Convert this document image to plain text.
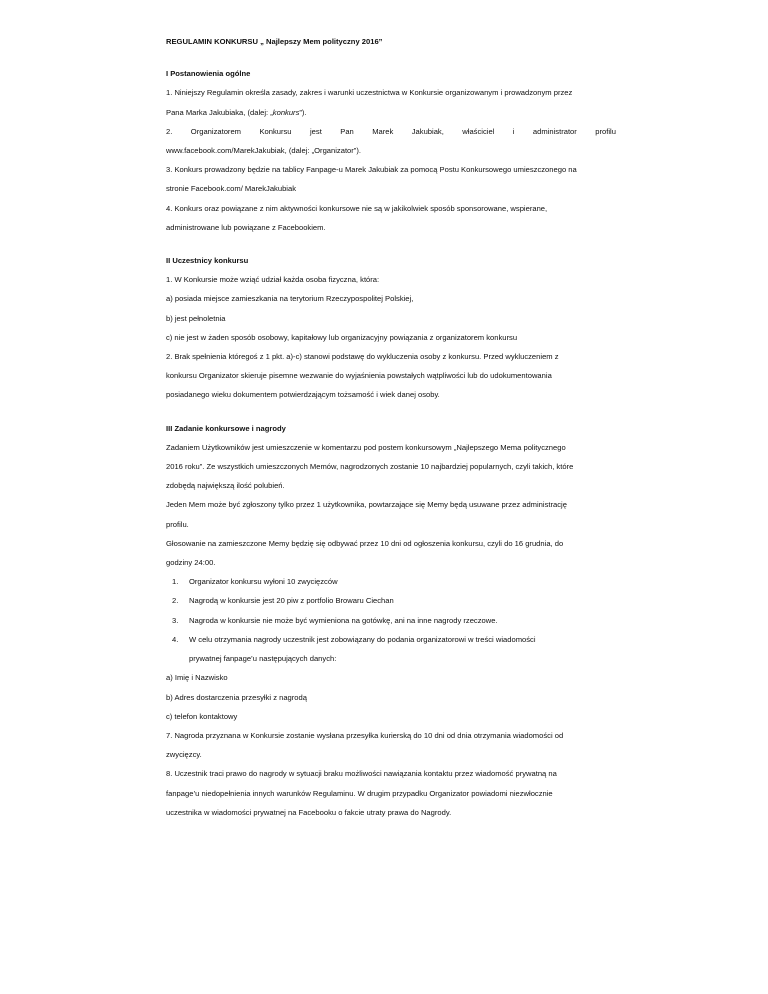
REGULAMIN KONKURSU „ Najlepszy Mem polityczny 2016”
I Postanowienia ogólne
1. Niniejszy Regulamin określa zasady, zakres i warunki uczestnictwa w Konkursie organizowanym i prowadzonym przez
Pana Marka Jakubiaka, (dalej: „konkurs”).
2. Organizatorem Konkursu jest Pan Marek Jakubiak, właściciel i administrator profilu
www.facebook.com/MarekJakubiak, (dalej: „Organizator”).
3. Konkurs prowadzony będzie na tablicy Fanpage-u Marek Jakubiak za pomocą Postu Konkursowego umieszczonego na
stronie Facebook.com/ MarekJakubiak
4. Konkurs oraz powiązane z nim aktywności konkursowe nie są w jakikolwiek sposób sponsorowane, wspierane,
administrowane lub powiązane z Facebookiem.
II Uczestnicy konkursu
1. W Konkursie może wziąć udział każda osoba fizyczna, która:
a) posiada miejsce zamieszkania na terytorium Rzeczypospolitej Polskiej,
b) jest pełnoletnia
c) nie jest w żaden sposób osobowy, kapitałowy lub organizacyjny powiązania z organizatorem konkursu
2. Brak spełnienia któregoś z 1 pkt. a)-c) stanowi podstawę do wykluczenia osoby z konkursu. Przed wykluczeniem z
konkursu Organizator skieruje pisemne wezwanie do wyjaśnienia powstałych wątpliwości lub do udokumentowania
posiadanego wieku dokumentem potwierdzającym tożsamość i wiek danej osoby.
III Zadanie konkursowe i nagrody
Zadaniem Użytkowników jest umieszczenie w komentarzu pod postem konkursowym „Najlepszego Mema politycznego
2016 roku”. Ze wszystkich umieszczonych Memów, nagrodzonych zostanie 10 najbardziej popularnych, czyli takich, które
zdobędą największą ilość polubień.
Jeden Mem może być zgłoszony tylko przez 1 użytkownika, powtarzające się Memy będą usuwane przez administrację
profilu.
Głosowanie na zamieszczone Memy będzię się odbywać przez 10 dni od ogłoszenia konkursu, czyli do 16 grudnia, do
godziny 24:00.
1.	Organizator konkursu wyłoni 10 zwycięzców
2.	Nagrodą w konkursie jest 20 piw z portfolio Browaru Ciechan
3.	Nagroda w konkursie nie może być wymieniona na gotówkę, ani na inne nagrody rzeczowe.
4.	W celu otrzymania nagrody uczestnik jest zobowiązany do podania organizatorowi w treści wiadomości
prywatnej fanpage’u następujących danych:
a) Imię i Nazwisko
b) Adres dostarczenia przesyłki z nagrodą
c) telefon kontaktowy
7. Nagroda przyznana w Konkursie zostanie wysłana przesyłka kurierską do 10 dni od dnia otrzymania wiadomości od
zwycięzcy.
8. Uczestnik traci prawo do nagrody w sytuacji braku możliwości nawiązania kontaktu przez wiadomość prywatną na
fanpage’u niedopełnienia innych warunków Regulaminu. W drugim przypadku Organizator powiadomi niezwłocznie
uczestnika w wiadomości prywatnej na Facebooku o fakcie utraty prawa do Nagrody.
